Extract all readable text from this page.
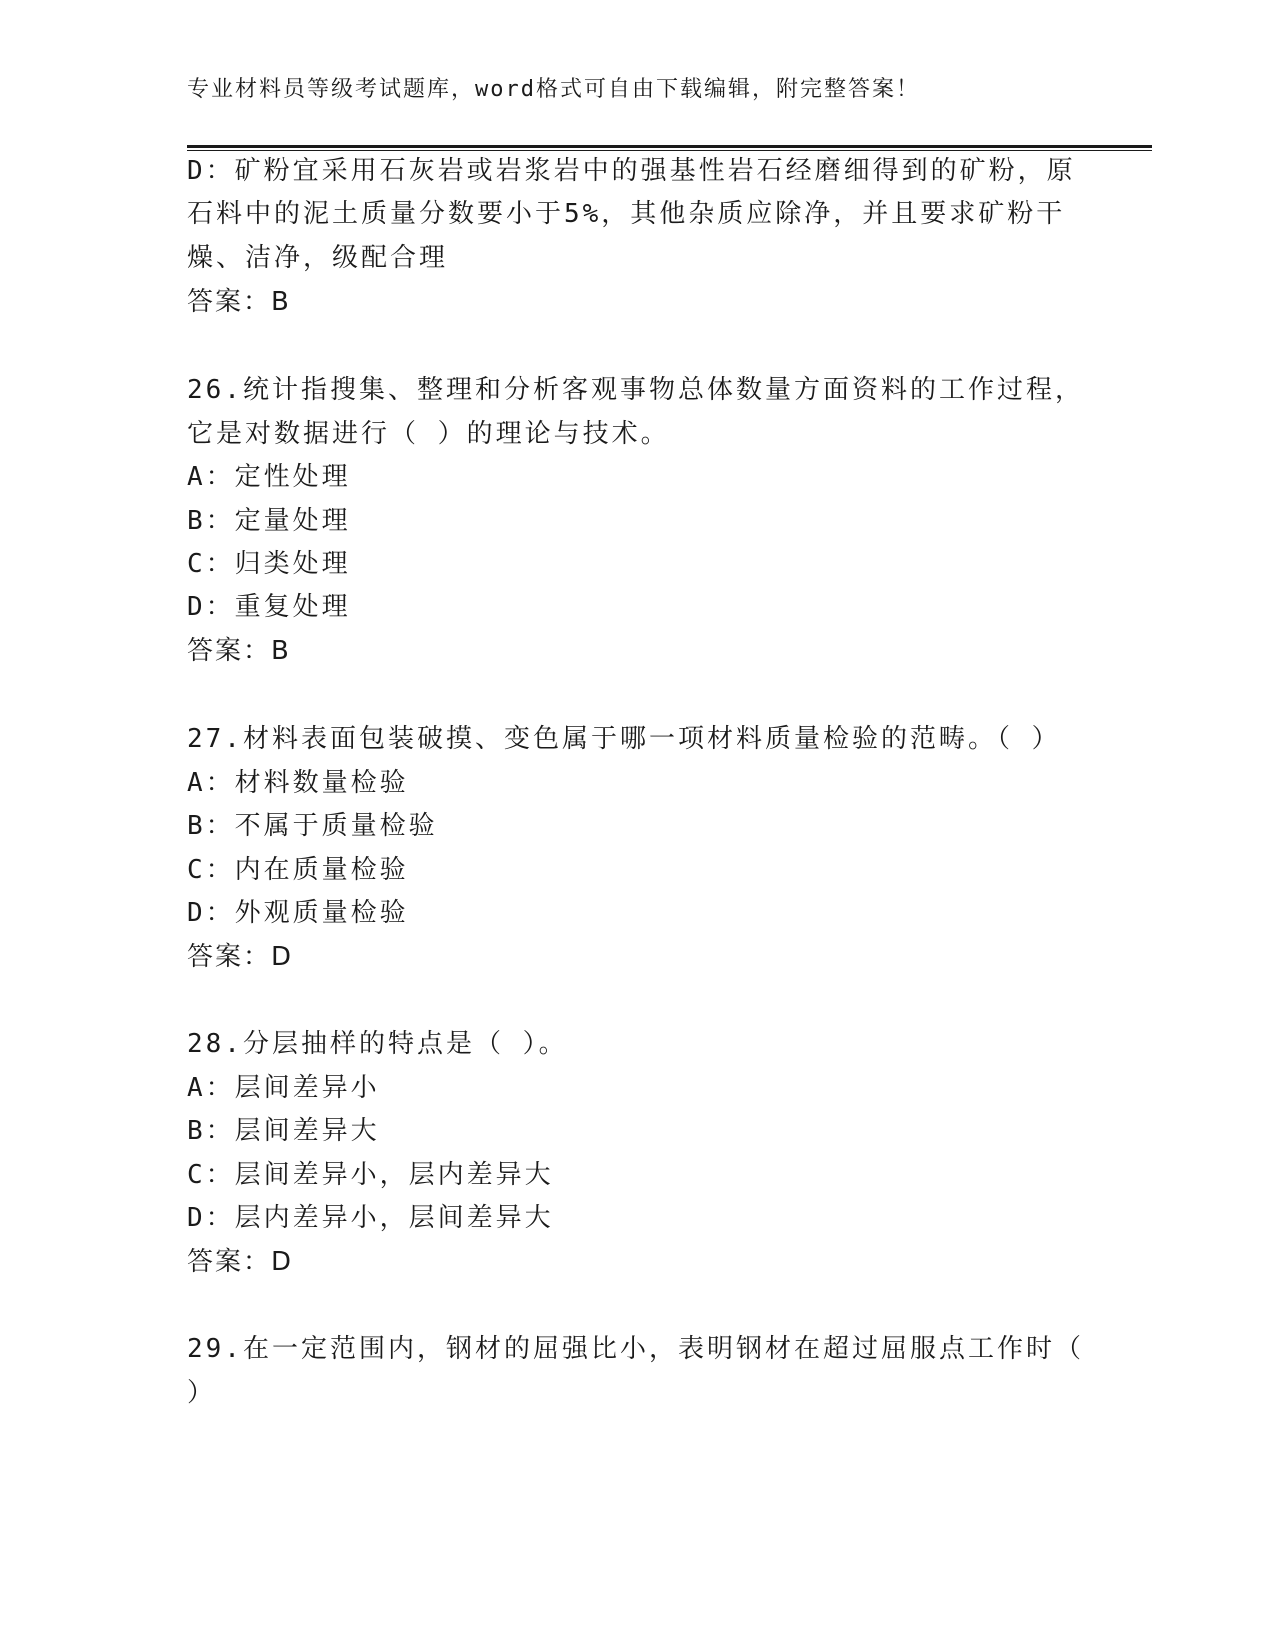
专业材料员等级考试题库，word格式可自由下载编辑，附完整答案！
D：矿粉宜采用石灰岩或岩浆岩中的强基性岩石经磨细得到的矿粉，原
石料中的泥土质量分数要小于5%，其他杂质应除净，并且要求矿粉干
燥、洁净，级配合理
答案：B
26.统计指搜集、整理和分析客观事物总体数量方面资料的工作过程，
它是对数据进行（ ）的理论与技术。
A：定性处理
B：定量处理
C：归类处理
D：重复处理
答案：B
27.材料表面包装破摸、变色属于哪一项材料质量检验的范畴。（ ）
A：材料数量检验
B：不属于质量检验
C：内在质量检验
D：外观质量检验
答案：D
28.分层抽样的特点是（ ）。
A：层间差异小
B：层间差异大
C：层间差异小，层内差异大
D：层内差异小，层间差异大
答案：D
29.在一定范围内，钢材的屈强比小，表明钢材在超过屈服点工作时（
）
